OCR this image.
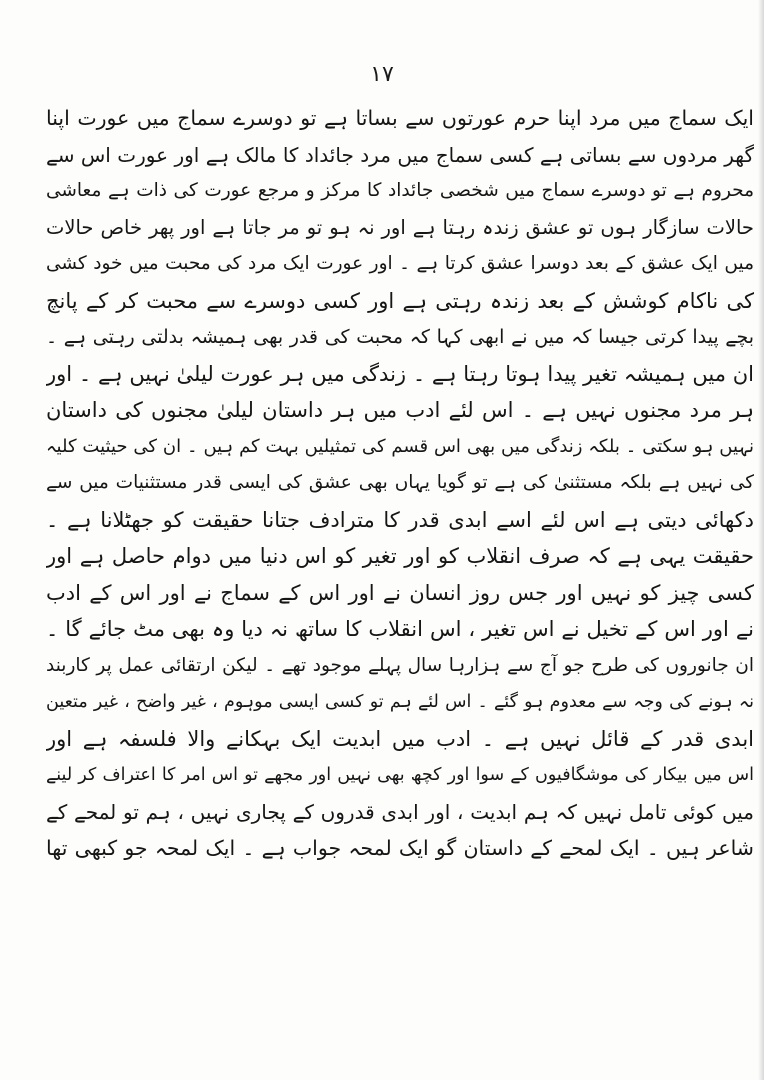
١٧
ایک سماج میں مرد اپنا حرم عورتوں سے بساتا ہے تو دوسرے سماج میں عورت اپنا
گھر مردوں سے بساتی ہے کسی سماج میں مرد جائداد کا مالک ہے اور عورت اس سے
محروم ہے تو دوسرے سماج میں شخصی جائداد کا مرکز و مرجع عورت کی ذات ہے معاشی
حالات سازگار ہوں تو عشق زندہ رہتا ہے اور نہ ہو تو مر جاتا ہے اور پھر خاص حالات
میں ایک عشق کے بعد دوسرا عشق کرتا ہے ۔ اور عورت ایک مرد کی محبت میں خود کشی
کی ناکام کوشش کے بعد زندہ رہتی ہے اور کسی دوسرے سے محبت کر کے پانچ
بچے پیدا کرتی جیسا کہ میں نے ابھی کہا کہ محبت کی قدر بھی ہمیشہ بدلتی رہتی ہے ۔
ان میں ہمیشہ تغیر پیدا ہوتا رہتا ہے ۔ زندگی میں ہر عورت لیلیٰ نہیں ہے ۔ اور
ہر مرد مجنوں نہیں ہے ۔ اس لئے ادب میں ہر داستان لیلیٰ مجنوں کی داستان
نہیں ہو سکتی ۔ بلکہ زندگی میں بھی اس قسم کی تمثیلیں بہت کم ہیں ۔ ان کی حیثیت کلیہ
کی نہیں ہے بلکہ مستثنیٰ کی ہے تو گویا یہاں بھی عشق کی ایسی قدر مستثنیات میں سے
دکھائی دیتی ہے اس لئے اسے ابدی قدر کا مترادف جتانا حقیقت کو جھٹلانا ہے ۔
حقیقت یہی ہے کہ صرف انقلاب کو اور تغیر کو اس دنیا میں دوام حاصل ہے اور
کسی چیز کو نہیں اور جس روز انسان نے اور اس کے سماج نے اور اس کے ادب
نے اور اس کے تخیل نے اس تغیر ، اس انقلاب کا ساتھ نہ دیا وہ بھی مٹ جائے گا ۔
ان جانوروں کی طرح جو آج سے ہزارہا سال پہلے موجود تھے ۔ لیکن ارتقائی عمل پر کاربند
نہ ہونے کی وجہ سے معدوم ہو گئے ۔ اس لئے ہم تو کسی ایسی موہوم ، غیر واضح ، غیر متعین
ابدی قدر کے قائل نہیں ہے ۔ ادب میں ابدیت ایک بہکانے والا فلسفہ ہے اور
اس میں بیکار کی موشگافیوں کے سوا اور کچھ بھی نہیں اور مجھے تو اس امر کا اعتراف کر لینے
میں کوئی تامل نہیں کہ ہم ابدیت ، اور ابدی قدروں کے پجاری نہیں ، ہم تو لمحے کے
شاعر ہیں ۔ ایک لمحے کے داستان گو ایک لمحہ جواب ہے ۔ ایک لمحہ جو کبھی تھا
